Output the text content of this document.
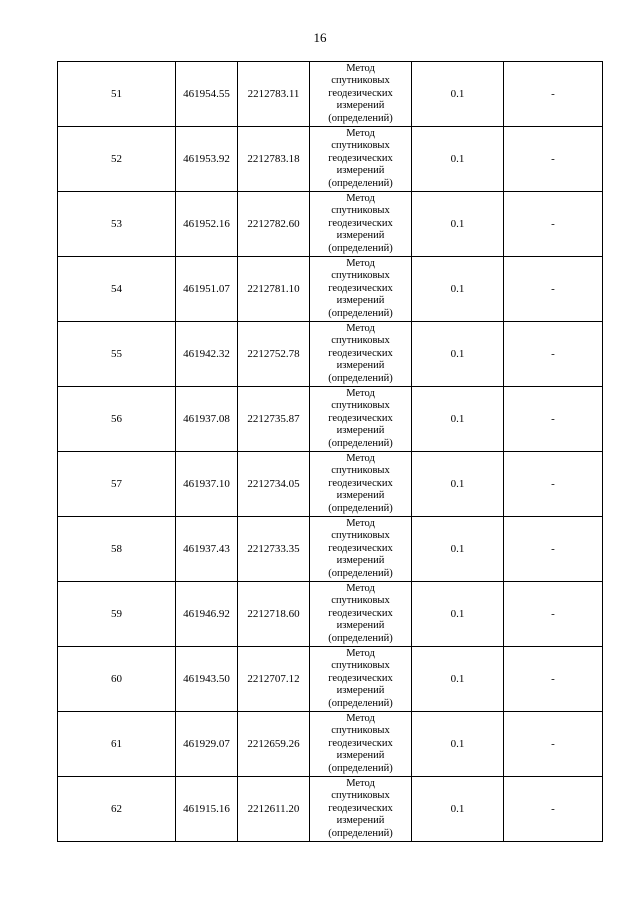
16
51	461954.55	2212783.11	Метод
спутниковых
геодезических
измерений
(определений)	0.1	-
52	461953.92	2212783.18	Метод
спутниковых
геодезических
измерений
(определений)	0.1	-
53	461952.16	2212782.60	Метод
спутниковых
геодезических
измерений
(определений)	0.1	-
54	461951.07	2212781.10	Метод
спутниковых
геодезических
измерений
(определений)	0.1	-
55	461942.32	2212752.78	Метод
спутниковых
геодезических
измерений
(определений)	0.1	-
56	461937.08	2212735.87	Метод
спутниковых
геодезических
измерений
(определений)	0.1	-
57	461937.10	2212734.05	Метод
спутниковых
геодезических
измерений
(определений)	0.1	-
58	461937.43	2212733.35	Метод
спутниковых
геодезических
измерений
(определений)	0.1	-
59	461946.92	2212718.60	Метод
спутниковых
геодезических
измерений
(определений)	0.1	-
60	461943.50	2212707.12	Метод
спутниковых
геодезических
измерений
(определений)	0.1	-
61	461929.07	2212659.26	Метод
спутниковых
геодезических
измерений
(определений)	0.1	-
62	461915.16	2212611.20	Метод
спутниковых
геодезических
измерений
(определений)	0.1	-
